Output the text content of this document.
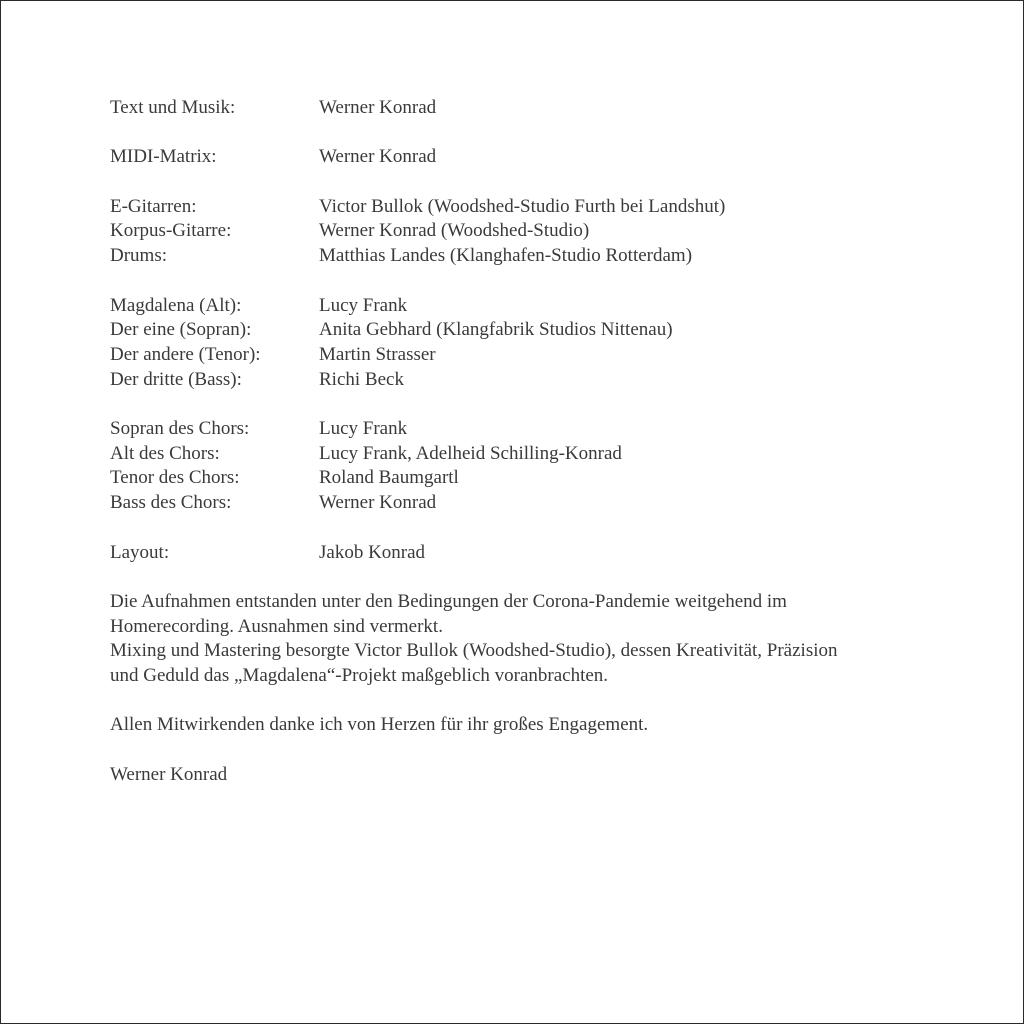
Text und Musik:	Werner Konrad
MIDI-Matrix:	Werner Konrad
E-Gitarren:	Victor Bullok (Woodshed-Studio Furth bei Landshut)
Korpus-Gitarre:	Werner Konrad (Woodshed-Studio)
Drums:	Matthias Landes (Klanghafen-Studio Rotterdam)
Magdalena (Alt):	Lucy Frank
Der eine (Sopran):	Anita Gebhard (Klangfabrik Studios Nittenau)
Der andere (Tenor):	Martin Strasser
Der dritte (Bass):	Richi Beck
Sopran des Chors:	Lucy Frank
Alt des Chors:	Lucy Frank, Adelheid Schilling-Konrad
Tenor des Chors:	Roland Baumgartl
Bass des Chors:	Werner Konrad
Layout:	Jakob Konrad
Die Aufnahmen entstanden unter den Bedingungen der Corona-Pandemie weitgehend im
Homerecording. Ausnahmen sind vermerkt.
Mixing und Mastering besorgte Victor Bullok (Woodshed-Studio), dessen Kreativität, Präzision
und Geduld das „Magdalena“-Projekt maßgeblich voranbrachten.
Allen Mitwirkenden danke ich von Herzen für ihr großes Engagement.
Werner Konrad
